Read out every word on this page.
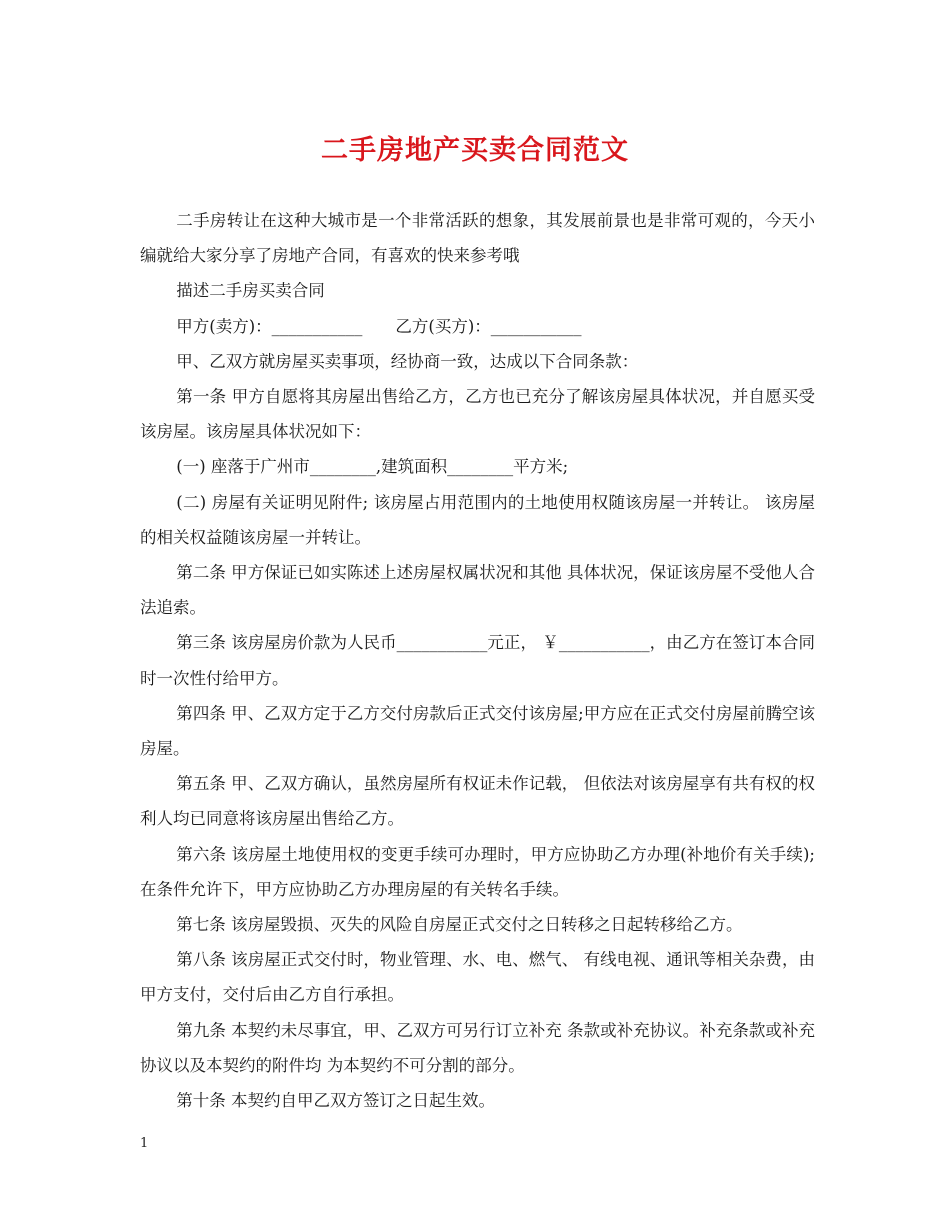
二手房地产买卖合同范文

二手房转让在这种大城市是一个非常活跃的想象，其发展前景也是非常可观的，今天小编就给大家分享了房地产合同，有喜欢的快来参考哦

描述二手房买卖合同

甲方(卖方)：___________　　乙方(买方)：___________

甲、乙双方就房屋买卖事项，经协商一致，达成以下合同条款：

第一条 甲方自愿将其房屋出售给乙方，乙方也已充分了解该房屋具体状况，并自愿买受该房屋。该房屋具体状况如下：

(一) 座落于广州市________,建筑面积________平方米;

(二) 房屋有关证明见附件; 该房屋占用范围内的土地使用权随该房屋一并转让。 该房屋的相关权益随该房屋一并转让。

第二条 甲方保证已如实陈述上述房屋权属状况和其他 具体状况，保证该房屋不受他人合法追索。

第三条 该房屋房价款为人民币___________元正， ￥___________，由乙方在签订本合同时一次性付给甲方。

第四条 甲、乙双方定于乙方交付房款后正式交付该房屋;甲方应在正式交付房屋前腾空该房屋。

第五条 甲、乙双方确认，虽然房屋所有权证未作记载， 但依法对该房屋享有共有权的权利人均已同意将该房屋出售给乙方。

第六条 该房屋土地使用权的变更手续可办理时，甲方应协助乙方办理(补地价有关手续);在条件允许下，甲方应协助乙方办理房屋的有关转名手续。

第七条 该房屋毁损、灭失的风险自房屋正式交付之日转移之日起转移给乙方。

第八条 该房屋正式交付时，物业管理、水、电、燃气、 有线电视、通讯等相关杂费，由甲方支付，交付后由乙方自行承担。

第九条 本契约未尽事宜，甲、乙双方可另行订立补充 条款或补充协议。补充条款或补充协议以及本契约的附件均 为本契约不可分割的部分。

第十条 本契约自甲乙双方签订之日起生效。

1
